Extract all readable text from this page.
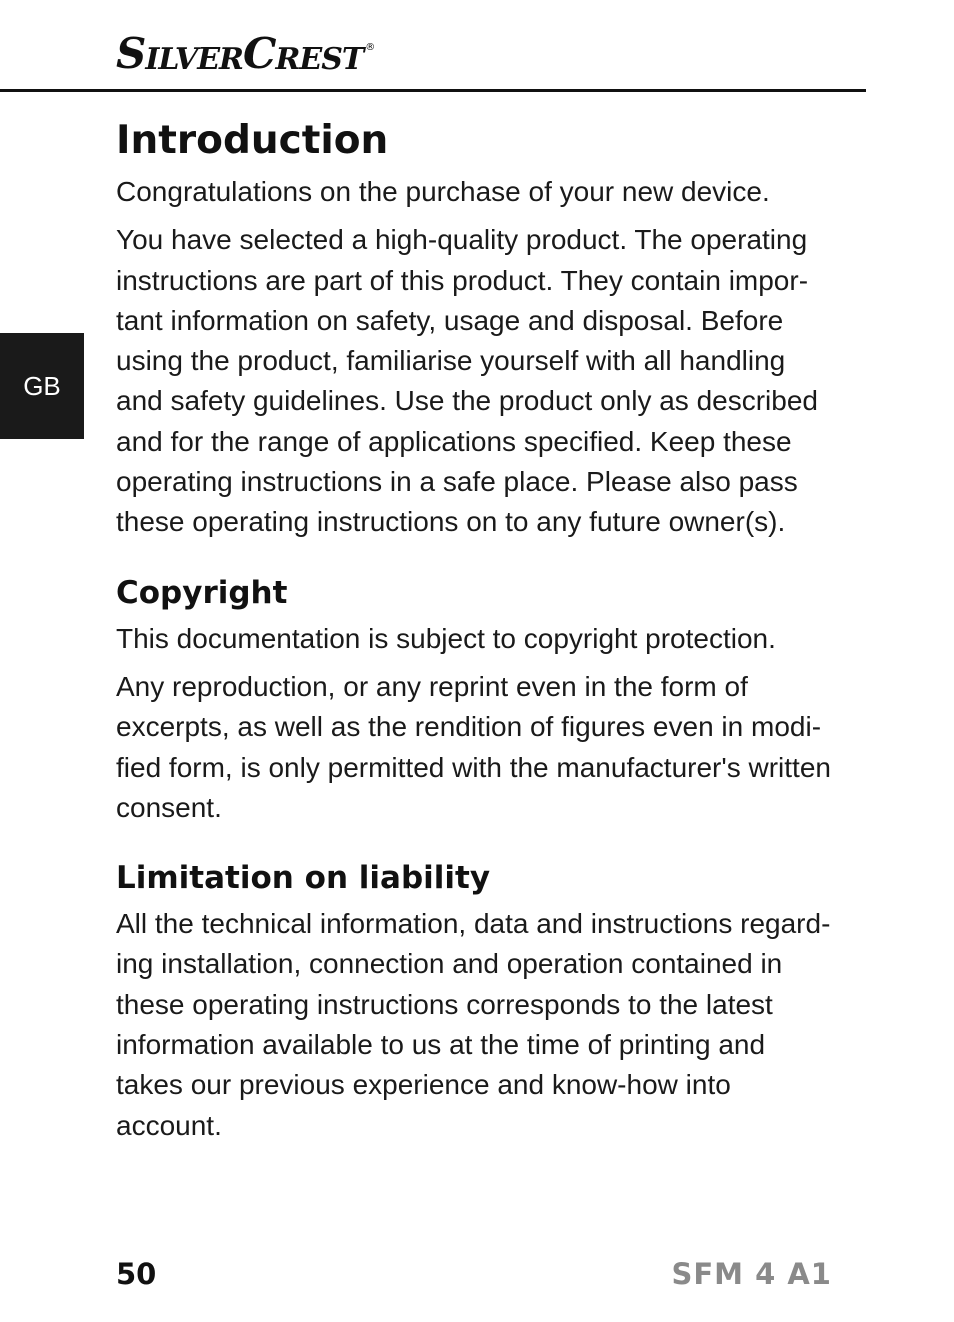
S ILVER C REST ®
GB
Introduction

Congratulations on the purchase of your new device.

You have selected a high-quality product. The operating instructions are part of this product. They contain important information on safety, usage and disposal. Before using the product, familiarise yourself with all handling and safety guidelines. Use the product only as described and for the range of applications specified. Keep these operating instructions in a safe place. Please also pass these operating instructions on to any future owner(s).

Copyright

This documentation is subject to copyright protection.

Any reproduction, or any reprint even in the form of excerpts, as well as the rendition of figures even in modified form, is only permitted with the manufacturer's written consent.

Limitation on liability

All the technical information, data and instructions regarding installation, connection and operation contained in these operating instructions corresponds to the latest information available to us at the time of printing and takes our previous experience and know-how into account.

50	SFM 4 A1
